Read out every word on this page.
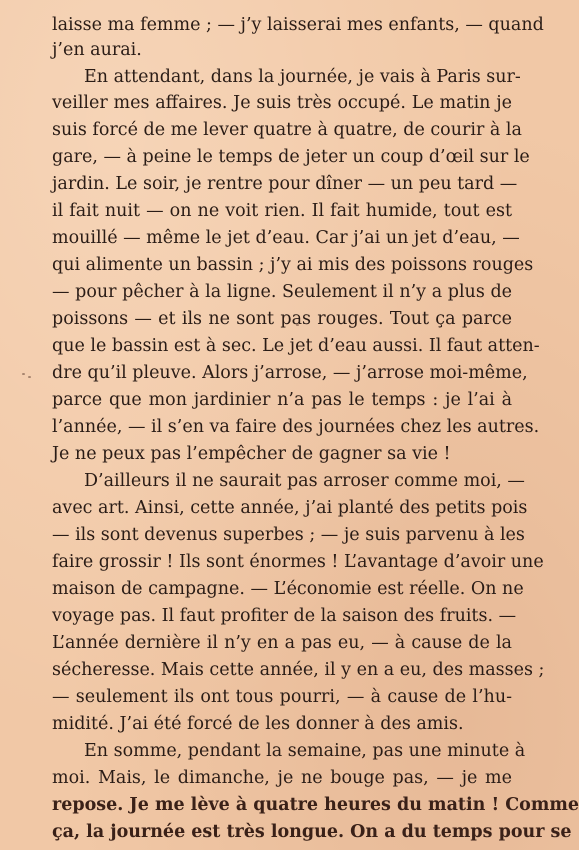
laisse ma femme ; — j’y laisserai mes enfants, — quand
j’en aurai.
En attendant, dans la journée, je vais à Paris sur-
veiller mes affaires. Je suis très occupé. Le matin je
suis forcé de me lever quatre à quatre, de courir à la
gare, — à peine le temps de jeter un coup d’œil sur le
jardin. Le soir, je rentre pour dîner — un peu tard —
il fait nuit — on ne voit rien. Il fait humide, tout est
mouillé — même le jet d’eau. Car j’ai un jet d’eau, —
qui alimente un bassin ; j’y ai mis des poissons rouges
— pour pêcher à la ligne. Seulement il n’y a plus de
poissons — et ils ne sont pas rouges. Tout ça parce
que le bassin est à sec. Le jet d’eau aussi. Il faut atten-
dre qu’il pleuve. Alors j’arrose, — j’arrose moi-même,
parce que mon jardinier n’a pas le temps : je l’ai à
l’année, — il s’en va faire des journées chez les autres.
Je ne peux pas l’empêcher de gagner sa vie !
D’ailleurs il ne saurait pas arroser comme moi, —
avec art. Ainsi, cette année, j’ai planté des petits pois
— ils sont devenus superbes ; — je suis parvenu à les
faire grossir ! Ils sont énormes ! L’avantage d’avoir une
maison de campagne. — L’économie est réelle. On ne
voyage pas. Il faut profiter de la saison des fruits. —
L’année dernière il n’y en a pas eu, — à cause de la
sécheresse. Mais cette année, il y en a eu, des masses ;
— seulement ils ont tous pourri, — à cause de l’hu-
midité. J’ai été forcé de les donner à des amis.
En somme, pendant la semaine, pas une minute à
moi. Mais, le dimanche, je ne bouge pas, — je me
repose. Je me lève à quatre heures du matin ! Comme
ça, la journée est très longue. On a du temps pour se
